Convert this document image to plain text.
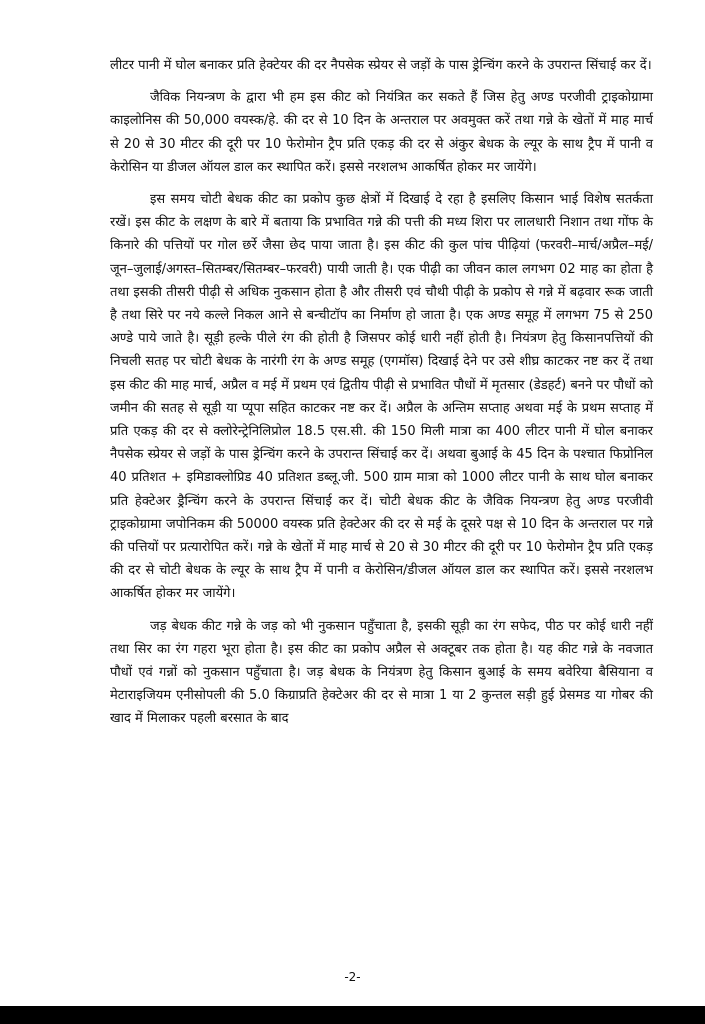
लीटर पानी में घोल बनाकर प्रति हेक्टेयर की दर नैपसेक स्प्रेयर से जड़ों के पास ड्रेन्चिंग करने के उपरान्त सिंचाई कर दें।

जैविक नियन्त्रण के द्वारा भी हम इस कीट को नियंत्रित कर सकते हैं जिस हेतु अण्ड परजीवी ट्राइकोग्रामा काइलोनिस की 50,000 वयस्क/हे. की दर से 10 दिन के अन्तराल पर अवमुक्त करें तथा गन्ने के खेतों में माह मार्च से 20 से 30 मीटर की दूरी पर 10 फेरोमोन ट्रैप प्रति एकड़ की दर से अंकुर बेधक के ल्यूर के साथ ट्रैप में पानी व केरोसिन या डीजल ऑयल डाल कर स्थापित करें। इससे नरशलभ आकर्षित होकर मर जायेंगे।

इस समय चोटी बेधक कीट का प्रकोप कुछ क्षेत्रों में दिखाई दे रहा है इसलिए किसान भाई विशेष सतर्कता रखें। इस कीट के लक्षण के बारे में बताया कि प्रभावित गन्ने की पत्ती की मध्य शिरा पर लालधारी निशान तथा गोंफ के किनारे की पत्तियों पर गोल छर्रे जैसा छेद पाया जाता है। इस कीट की कुल पांच पीढ़ियां (फरवरी–मार्च/अप्रैल–मई/जून–जुलाई/अगस्त–सितम्बर/सितम्बर–फरवरी) पायी जाती है। एक पीढ़ी का जीवन काल लगभग 02 माह का होता है तथा इसकी तीसरी पीढ़ी से अधिक नुकसान होता है और तीसरी एवं चौथी पीढ़ी के प्रकोप से गन्ने में बढ़वार रूक जाती है तथा सिरे पर नये कल्ले निकल आने से बन्चीटॉप का निर्माण हो जाता है। एक अण्ड समूह में लगभग 75 से 250 अण्डे पाये जाते है। सूड़ी हल्के पीले रंग की होती है जिसपर कोई धारी नहीं होती है। नियंत्रण हेतु किसानपत्तियों की निचली सतह पर चोटी बेधक के नारंगी रंग के अण्ड समूह (एगमॉस) दिखाई देने पर उसे शीघ्र काटकर नष्ट कर दें तथा इस कीट की माह मार्च, अप्रैल व मई में प्रथम एवं द्वितीय पीढ़ी से प्रभावित पौधों में मृतसार (डेडहर्ट) बनने पर पौधों को जमीन की सतह से सूड़ी या प्यूपा सहित काटकर नष्ट कर दें। अप्रैल के अन्तिम सप्ताह अथवा मई के प्रथम सप्ताह में प्रति एकड़ की दर से क्लोरेन्ट्रेनिलिप्रोल 18.5 एस.सी. की 150 मिली मात्रा का 400 लीटर पानी में घोल बनाकर नैपसेक स्प्रेयर से जड़ों के पास ड्रेन्चिंग करने के उपरान्त सिंचाई कर दें। अथवा बुआई के 45 दिन के पश्चात फिप्रोनिल 40 प्रतिशत + इमिडाक्लोप्रिड 40 प्रतिशत डब्लू.जी. 500 ग्राम मात्रा को 1000 लीटर पानी के साथ घोल बनाकर प्रति हेक्टेअर ड्रैन्चिंग करने के उपरान्त सिंचाई कर दें। चोटी बेधक कीट के जैविक नियन्त्रण हेतु अण्ड परजीवी ट्राइकोग्रामा जपोनिकम की 50000 वयस्क प्रति हेक्टेअर की दर से मई के दूसरे पक्ष से 10 दिन के अन्तराल पर गन्ने की पत्तियों पर प्रत्यारोपित करें। गन्ने के खेतों में माह मार्च से 20 से 30 मीटर की दूरी पर 10 फेरोमोन ट्रैप प्रति एकड़ की दर से चोटी बेधक के ल्यूर के साथ ट्रैप में पानी व केरोसिन/डीजल ऑयल डाल कर स्थापित करें। इससे नरशलभ आकर्षित होकर मर जायेंगे।

जड़ बेधक कीट गन्ने के जड़ को भी नुकसान पहुँचाता है, इसकी सूड़ी का रंग सफेद, पीठ पर कोई धारी नहीं तथा सिर का रंग गहरा भूरा होता है। इस कीट का प्रकोप अप्रैल से अक्टूबर तक होता है। यह कीट गन्ने के नवजात पौधों एवं गन्नों को नुकसान पहुँचाता है। जड़ बेधक के नियंत्रण हेतु किसान बुआई के समय बवेरिया बैसियाना व मेटाराइजियम एनीसोपली की 5.0 किग्राप्रति हेक्टेअर की दर से मात्रा 1 या 2 कुन्तल सड़ी हुई प्रेसमड या गोबर की खाद में मिलाकर पहली बरसात के बाद

-2-
